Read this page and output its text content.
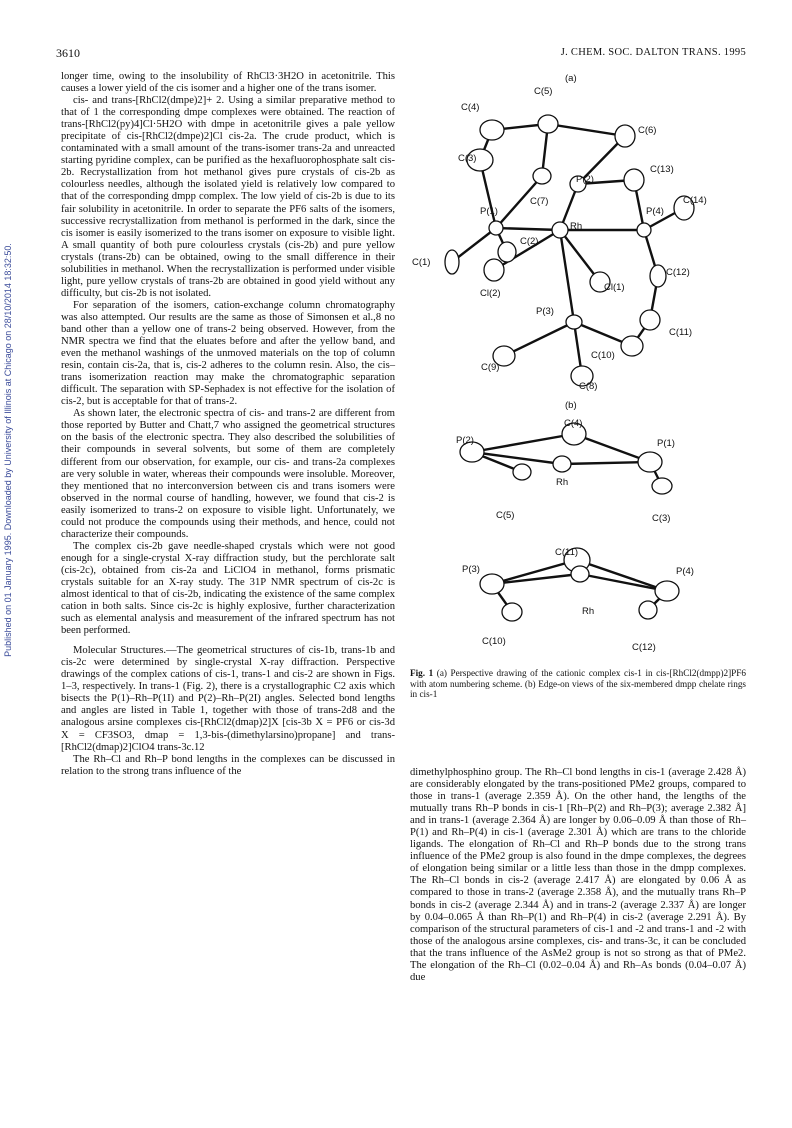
3610	J. CHEM. SOC. DALTON TRANS. 1995
Published on 01 January 1995. Downloaded by University of Illinois at Chicago on 28/10/2014 18:32:50.

longer time, owing to the insolubility of RhCl3·3H2O in acetonitrile. This causes a lower yield of the cis isomer and a higher one of the trans isomer.

cis- and trans-[RhCl2(dmpe)2]+ 2. Using a similar preparative method to that of 1 the corresponding dmpe complexes were obtained. The reaction of trans-[RhCl2(py)4]Cl·5H2O with dmpe in acetonitrile gives a pale yellow precipitate of cis-[RhCl2(dmpe)2]Cl cis-2a. The crude product, which is contaminated with a small amount of the trans-isomer trans-2a and unreacted starting pyridine complex, can be purified as the hexafluorophosphate salt cis-2b. Recrystallization from hot methanol gives pure crystals of cis-2b as colourless needles, although the isolated yield is relatively low compared to that of the corresponding dmpp complex. The low yield of cis-2b is due to its fair solubility in acetonitrile. In order to separate the PF6 salts of the isomers, successive recrystallization from methanol is performed in the dark, since the cis isomer is easily isomerized to the trans isomer on exposure to visible light. A small quantity of both pure colourless crystals (cis-2b) and pure yellow crystals (trans-2b) can be obtained, owing to the small difference in their solubilities in methanol. When the recrystallization is performed under visible light, pure yellow crystals of trans-2b are obtained in good yield without any difficulty, but cis-2b is not isolated.

For separation of the isomers, cation-exchange column chromatography was also attempted. Our results are the same as those of Simonsen et al.,8 no band other than a yellow one of trans-2 being observed. However, from the NMR spectra we find that the eluates before and after the yellow band, and even the methanol washings of the unmoved materials on the top of column resin, contain cis-2a, that is, cis-2 adheres to the column resin. Also, the cis–trans isomerization reaction may make the chromatographic separation difficult. The separation with SP-Sephadex is not effective for the isolation of cis-2, but is acceptable for that of trans-2.

As shown later, the electronic spectra of cis- and trans-2 are different from those reported by Butter and Chatt,7 who assigned the geometrical structures on the basis of the electronic spectra. They also described the solubilities of their compounds in several solvents, but some of them are completely different from our observation, for example, our cis- and trans-2a complexes are very soluble in water, whereas their compounds were insoluble. Moreover, they mentioned that no interconversion between cis and trans isomers were observed in the normal course of handling, however, we found that cis-2 is easily isomerized to trans-2 on exposure to visible light. Unfortunately, we could not produce the compounds using their methods, and hence, could not characterize their compounds.

The complex cis-2b gave needle-shaped crystals which were not good enough for a single-crystal X-ray diffraction study, but the perchlorate salt (cis-2c), obtained from cis-2a and LiClO4 in methanol, forms prismatic crystals suitable for an X-ray study. The 31P NMR spectrum of cis-2c is almost identical to that of cis-2b, indicating the existence of the same complex cation in both salts. Since cis-2c is highly explosive, further characterization such as elemental analysis and measurement of the infrared spectrum has not been performed.

Molecular Structures.—The geometrical structures of cis-1b, trans-1b and cis-2c were determined by single-crystal X-ray diffraction. Perspective drawings of the complex cations of cis-1, trans-1 and cis-2 are shown in Figs. 1–3, respectively. In trans-1 (Fig. 2), there is a crystallographic C2 axis which bisects the P(1)–Rh–P(1I) and P(2)–Rh–P(2I) angles. Selected bond lengths and angles are listed in Table 1, together with those of trans-2d8 and the analogous arsine complexes cis-[RhCl2(dmap)2]X [cis-3b X = PF6 or cis-3d X = CF3SO3, dmap = 1,3-bis-(dimethylarsino)propane] and trans-[RhCl2(dmap)2]ClO4 trans-3c.12

The Rh–Cl and Rh–P bond lengths in the complexes can be discussed in relation to the strong trans influence of the

(a)
C(5)
C(4)
C(6)
C(3)
C(13)
P(2)
C(7)	C(14)
P(1)	P(4)
Rh
C(1)
C(2)
C(12)
Cl(1)
Cl(2)
P(3)
C(11)
C(10)
C(9)
C(8)
(b)
C(4)
P(2)	P(1)
Rh
C(5)	C(3)
C(11)
P(3)	P(4)
Rh
C(10)
C(12)
Fig. 1 (a) Perspective drawing of the cationic complex cis-1 in cis-[RhCl2(dmpp)2]PF6 with atom numbering scheme. (b) Edge-on views of the six-membered dmpp chelate rings in cis-1

dimethylphosphino group. The Rh–Cl bond lengths in cis-1 (average 2.428 Å) are considerably elongated by the trans-positioned PMe2 groups, compared to those in trans-1 (average 2.359 Å). On the other hand, the lengths of the mutually trans Rh–P bonds in cis-1 [Rh–P(2) and Rh–P(3); average 2.382 Å] and in trans-1 (average 2.364 Å) are longer by 0.06–0.09 Å than those of Rh–P(1) and Rh–P(4) in cis-1 (average 2.301 Å) which are trans to the chloride ligands. The elongation of Rh–Cl and Rh–P bonds due to the strong trans influence of the PMe2 group is also found in the dmpe complexes, the degrees of elongation being similar or a little less than those in the dmpp complexes. The Rh–Cl bonds in cis-2 (average 2.417 Å) are elongated by 0.06 Å as compared to those in trans-2 (average 2.358 Å), and the mutually trans Rh–P bonds in cis-2 (average 2.344 Å) and in trans-2 (average 2.337 Å) are longer by 0.04–0.065 Å than Rh–P(1) and Rh–P(4) in cis-2 (average 2.291 Å). By comparison of the structural parameters of cis-1 and -2 and trans-1 and -2 with those of the analogous arsine complexes, cis- and trans-3c, it can be concluded that the trans influence of the AsMe2 group is not so strong as that of PMe2. The elongation of the Rh–Cl (0.02–0.04 Å) and Rh–As bonds (0.04–0.07 Å) due
